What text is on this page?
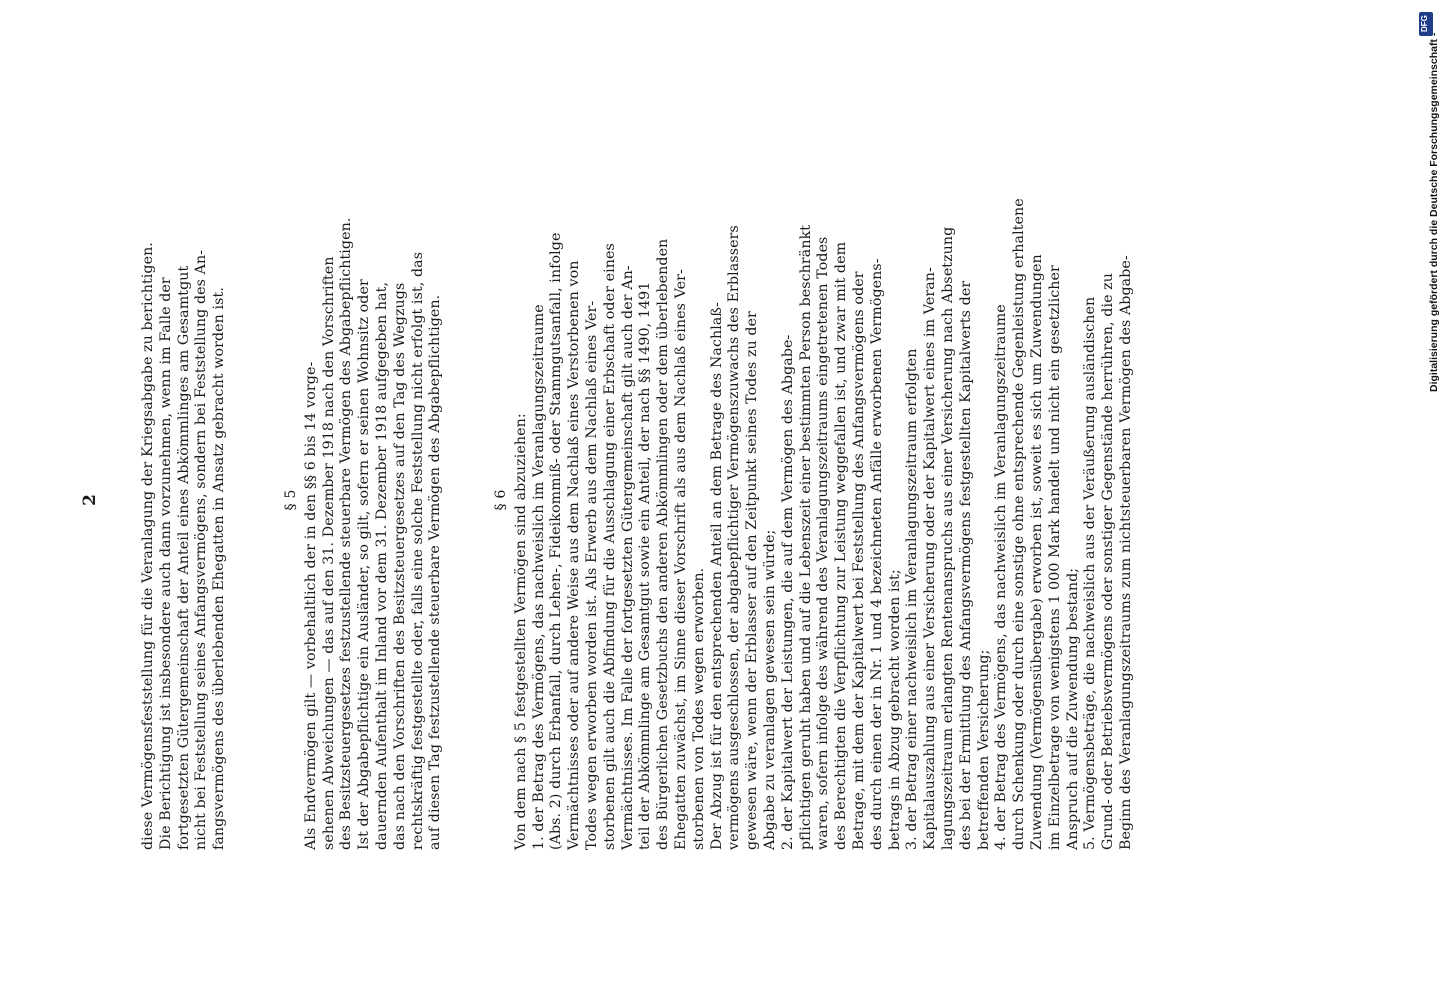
2	diese Vermögensfeststellung für die Veranlagung der Kriegsabgabe zu berichtigen. Die Berichtigung ist insbesondere auch dann vorzunehmen, wenn im Falle der fortgesetzten Gütergemeinschaft der Anteil eines Abkömmlinges am Gesamtgut nicht bei Feststellung seines Anfangsvermögens, sondern bei Feststellung des An- fangsvermögens des überlebenden Ehegatten in Ansatz gebracht worden ist.	§ 5 Als Endvermögen gilt — vorbehaltlich der in den §§ 6 bis 14 vorge- sehenen Abweichungen — das auf den 31. Dezember 1918 nach den Vorschriften des Besitzsteuergesetzes festzustellende steuerbare Vermögen des Abgabepflichtigen. Ist der Abgabepflichtige ein Ausländer, so gilt, sofern er seinen Wohnsitz oder dauernden Aufenthalt im Inland vor dem 31. Dezember 1918 aufgegeben hat, das nach den Vorschriften des Besitzsteuergesetzes auf den Tag des Wegzugs rechtskräftig festgestellte oder, falls eine solche Feststellung nicht erfolgt ist, das auf diesen Tag festzustellende steuerbare Vermögen des Abgabepflichtigen.	§ 6 Von dem nach § 5 festgestellten Vermögen sind abzuziehen: 1. der Betrag des Vermögens, das nachweislich im Veranlagungszeitraume (Abs. 2) durch Erbanfall, durch Lehen-, Fideikommiß- oder Stammgutsanfall, infolge Vermächtnisses oder auf andere Weise aus dem Nachlaß eines Verstorbenen von Todes wegen erworben worden ist. Als Erwerb aus dem Nachlaß eines Ver- storbenen gilt auch die Abfindung für die Ausschlagung einer Erbschaft oder eines Vermächtnisses. Im Falle der fortgesetzten Gütergemeinschaft gilt auch der An- teil der Abkömmlinge am Gesamtgut sowie ein Anteil, der nach §§ 1490, 1491 des Bürgerlichen Gesetzbuchs den anderen Abkömmlingen oder dem überlebenden Ehegatten zuwächst, im Sinne dieser Vorschrift als aus dem Nachlaß eines Ver- storbenen von Todes wegen erworben. Der Abzug ist für den entsprechenden Anteil an dem Betrage des Nachlaß- vermögens ausgeschlossen, der abgabepflichtiger Vermögenszuwachs des Erblassers gewesen wäre, wenn der Erblasser auf den Zeitpunkt seines Todes zu der Abgabe zu veranlagen gewesen sein würde; 2. der Kapitalwert der Leistungen, die auf dem Vermögen des Abgabe- pflichtigen geruht haben und auf die Lebenszeit einer bestimmten Person beschränkt waren, sofern infolge des während des Veranlagungszeitraums eingetretenen Todes des Berechtigten die Verpflichtung zur Leistung weggefallen ist, und zwar mit dem Betrage, mit dem der Kapitalwert bei Feststellung des Anfangsvermögens oder des durch einen der in Nr. 1 und 4 bezeichneten Anfälle erworbenen Vermögens- betrags in Abzug gebracht worden ist; 3. der Betrag einer nachweislich im Veranlagungszeitraum erfolgten Kapitalauszahlung aus einer Versicherung oder der Kapitalwert eines im Veran- lagungszeitraum erlangten Rentenanspruchs aus einer Versicherung nach Absetzung des bei der Ermittlung des Anfangsvermögens festgestellten Kapitalwerts der betreffenden Versicherung; 4. der Betrag des Vermögens, das nachweislich im Veranlagungszeitraume durch Schenkung oder durch eine sonstige ohne entsprechende Gegenleistung erhaltene Zuwendung (Vermögensübergabe) erworben ist, soweit es sich um Zuwendungen im Einzelbetrage von wenigstens 1 000 Mark handelt und nicht ein gesetzlicher Anspruch auf die Zuwendung bestand; 5. Vermögensbeträge, die nachweislich aus der Veräußerung ausländischen Grund- oder Betriebsvermögens oder sonstiger Gegenstände herrühren, die zu Beginn des Veranlagungszeitraums zum nichtsteuerbaren Vermögen des Abgabe-
DFG
Digitalisierung gefördert durch die Deutsche Forschungsgemeinschaft -
